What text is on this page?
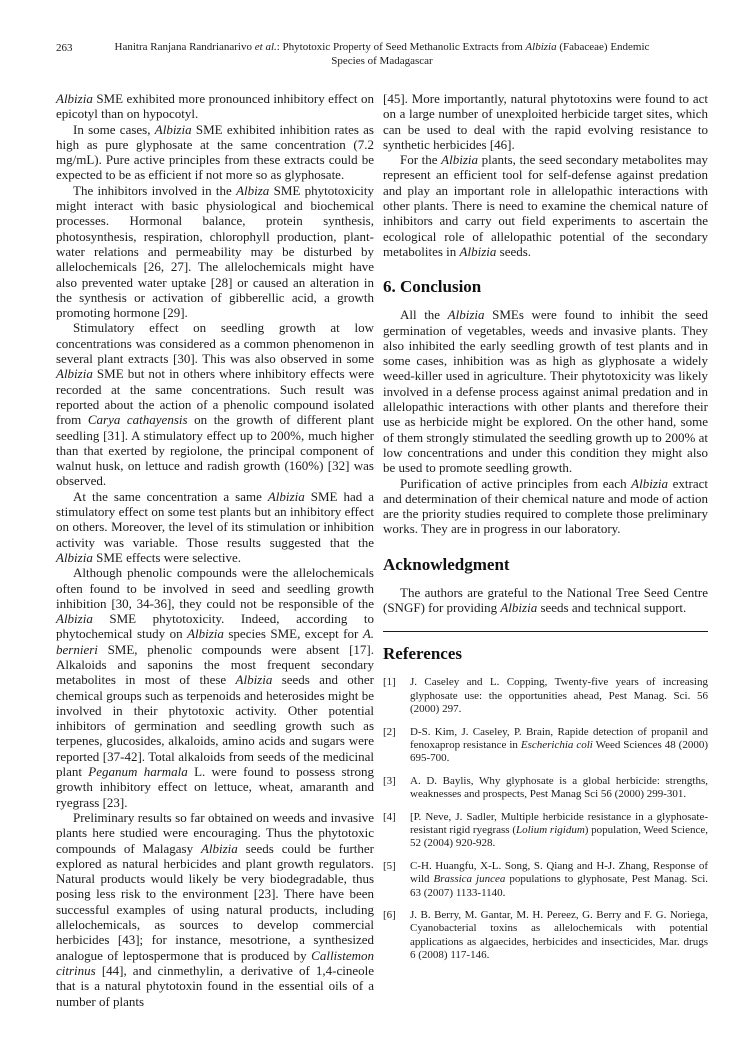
263	Hanitra Ranjana Randrianarivo et al.: Phytotoxic Property of Seed Methanolic Extracts from Albizia (Fabaceae) Endemic
Species of Madagascar

Albizia SME exhibited more pronounced inhibitory effect on epicotyl than on hypocotyl.

In some cases, Albizia SME exhibited inhibition rates as high as pure glyphosate at the same concentration (7.2 mg/mL). Pure active principles from these extracts could be expected to be as efficient if not more so as glyphosate.

The inhibitors involved in the Albiza SME phytotoxicity might interact with basic physiological and biochemical processes. Hormonal balance, protein synthesis, photosynthesis, respiration, chlorophyll production, plant-water relations and permeability may be disturbed by allelochemicals [26, 27]. The allelochemicals might have also prevented water uptake [28] or caused an alteration in the synthesis or activation of gibberellic acid, a growth promoting hormone [29].

Stimulatory effect on seedling growth at low concentrations was considered as a common phenomenon in several plant extracts [30]. This was also observed in some Albizia SME but not in others where inhibitory effects were recorded at the same concentrations. Such result was reported about the action of a phenolic compound isolated from Carya cathayensis on the growth of different plant seedling [31]. A stimulatory effect up to 200%, much higher than that exerted by regiolone, the principal component of walnut husk, on lettuce and radish growth (160%) [32] was observed.

At the same concentration a same Albizia SME had a stimulatory effect on some test plants but an inhibitory effect on others. Moreover, the level of its stimulation or inhibition activity was variable. Those results suggested that the Albizia SME effects were selective.

Although phenolic compounds were the allelochemicals often found to be involved in seed and seedling growth inhibition [30, 34-36], they could not be responsible of the Albizia SME phytotoxicity. Indeed, according to phytochemical study on Albizia species SME, except for A. bernieri SME, phenolic compounds were absent [17]. Alkaloids and saponins the most frequent secondary metabolites in most of these Albizia seeds and other chemical groups such as terpenoids and heterosides might be involved in their phytotoxic activity. Other potential inhibitors of germination and seedling growth such as terpenes, glucosides, alkaloids, amino acids and sugars were reported [37-42]. Total alkaloids from seeds of the medicinal plant Peganum harmala L. were found to possess strong growth inhibitory effect on lettuce, wheat, amaranth and ryegrass [23].

Preliminary results so far obtained on weeds and invasive plants here studied were encouraging. Thus the phytotoxic compounds of Malagasy Albizia seeds could be further explored as natural herbicides and plant growth regulators. Natural products would likely be very biodegradable, thus posing less risk to the environment [23]. There have been successful examples of using natural products, including allelochemicals, as sources to develop commercial herbicides [43]; for instance, mesotrione, a synthesized analogue of leptospermone that is produced by Callistemon citrinus [44], and cinmethylin, a derivative of 1,4-cineole that is a natural phytotoxin found in the essential oils of a number of plants

[45]. More importantly, natural phytotoxins were found to act on a large number of unexploited herbicide target sites, which can be used to deal with the rapid evolving resistance to synthetic herbicides [46].

For the Albizia plants, the seed secondary metabolites may represent an efficient tool for self-defense against predation and play an important role in allelopathic interactions with other plants. There is need to examine the chemical nature of inhibitors and carry out field experiments to ascertain the ecological role of allelopathic potential of the secondary metabolites in Albizia seeds.

6. Conclusion

All the Albizia SMEs were found to inhibit the seed germination of vegetables, weeds and invasive plants. They also inhibited the early seedling growth of test plants and in some cases, inhibition was as high as glyphosate a widely weed-killer used in agriculture. Their phytotoxicity was likely involved in a defense process against animal predation and in allelopathic interactions with other plants and therefore their use as herbicide might be explored. On the other hand, some of them strongly stimulated the seedling growth up to 200% at low concentrations and under this condition they might also be used to promote seedling growth.

Purification of active principles from each Albizia extract and determination of their chemical nature and mode of action are the priority studies required to complete those preliminary works. They are in progress in our laboratory.

Acknowledgment

The authors are grateful to the National Tree Seed Centre (SNGF) for providing Albizia seeds and technical support.

References
[1]	J. Caseley and L. Copping, Twenty-five years of increasing glyphosate use: the opportunities ahead, Pest Manag. Sci. 56 (2000) 297.
[2]	D-S. Kim, J. Caseley, P. Brain, Rapide detection of propanil and fenoxaprop resistance in Escherichia coli Weed Sciences 48 (2000) 695-700.
[3]	A. D. Baylis, Why glyphosate is a global herbicide: strengths, weaknesses and prospects, Pest Manag Sci 56 (2000) 299-301.
[4]	[P. Neve, J. Sadler, Multiple herbicide resistance in a glyphosate-resistant rigid ryegrass (Lolium rigidum) population, Weed Science, 52 (2004) 920-928.
[5]	C-H. Huangfu, X-L. Song, S. Qiang and H-J. Zhang, Response of wild Brassica juncea populations to glyphosate, Pest Manag. Sci. 63 (2007) 1133-1140.
[6]	J. B. Berry, M. Gantar, M. H. Pereez, G. Berry and F. G. Noriega, Cyanobacterial toxins as allelochemicals with potential applications as algaecides, herbicides and insecticides, Mar. drugs 6 (2008) 117-146.
